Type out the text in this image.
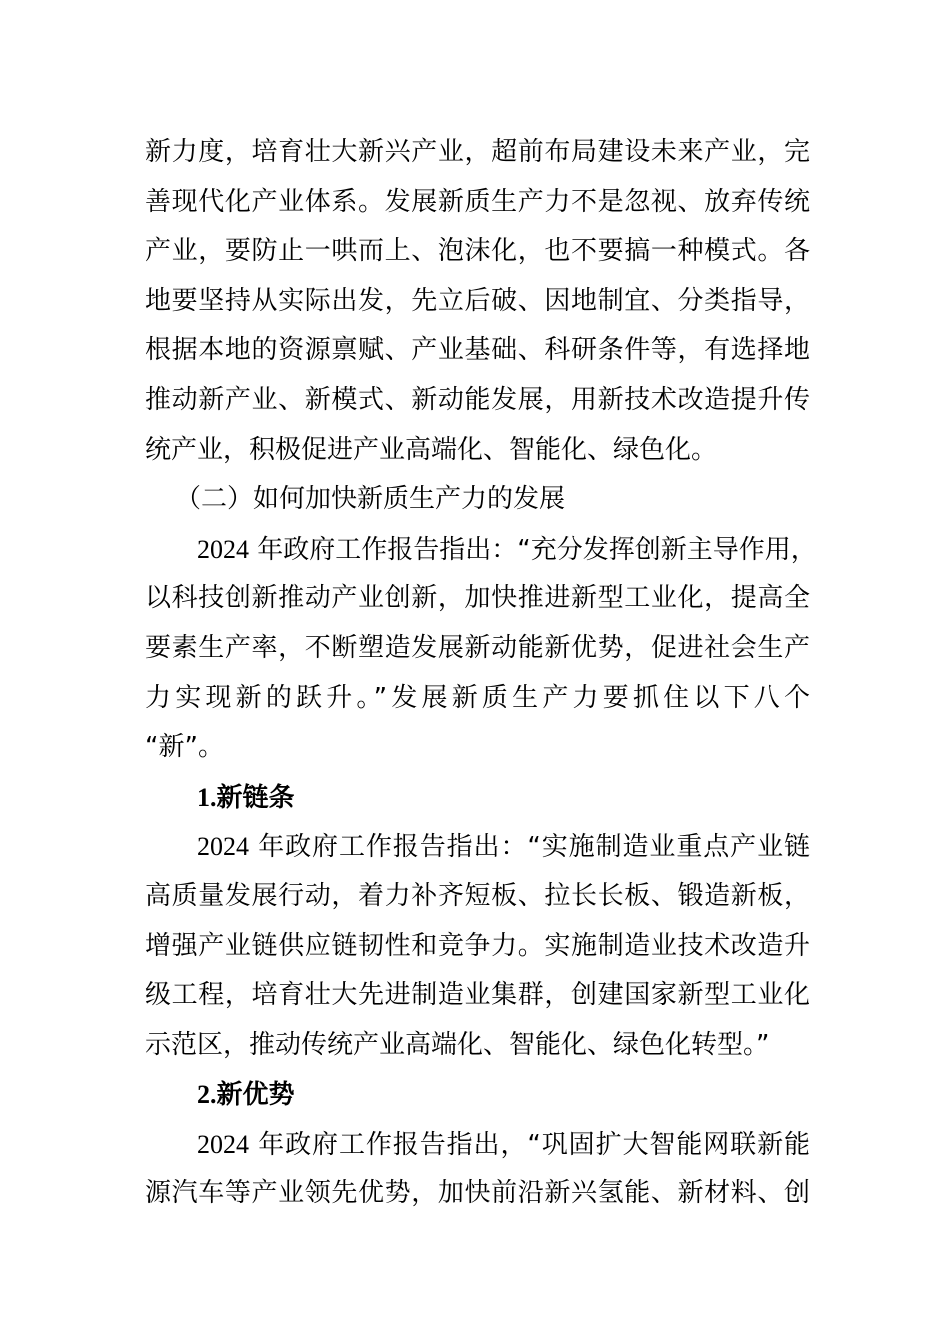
新力度，培育壮大新兴产业，超前布局建设未来产业，完
善现代化产业体系。发展新质生产力不是忽视、放弃传统
产业，要防止一哄而上、泡沫化，也不要搞一种模式。各
地要坚持从实际出发，先立后破、因地制宜、分类指导，
根据本地的资源禀赋、产业基础、科研条件等，有选择地
推动新产业、新模式、新动能发展，用新技术改造提升传
统产业，积极促进产业高端化、智能化、绿色化。
（二）如何加快新质生产力的发展
2024 年政府工作报告指出：“充分发挥创新主导作用，
以科技创新推动产业创新，加快推进新型工业化，提高全
要素生产率，不断塑造发展新动能新优势，促进社会生产
力实现新的跃升。”发展新质生产力要抓住以下八个
“新”。
1.新链条
2024 年政府工作报告指出：“实施制造业重点产业链
高质量发展行动，着力补齐短板、拉长长板、锻造新板，
增强产业链供应链韧性和竞争力。实施制造业技术改造升
级工程，培育壮大先进制造业集群，创建国家新型工业化
示范区，推动传统产业高端化、智能化、绿色化转型。”
2.新优势
2024 年政府工作报告指出，“巩固扩大智能网联新能
源汽车等产业领先优势，加快前沿新兴氢能、新材料、创
